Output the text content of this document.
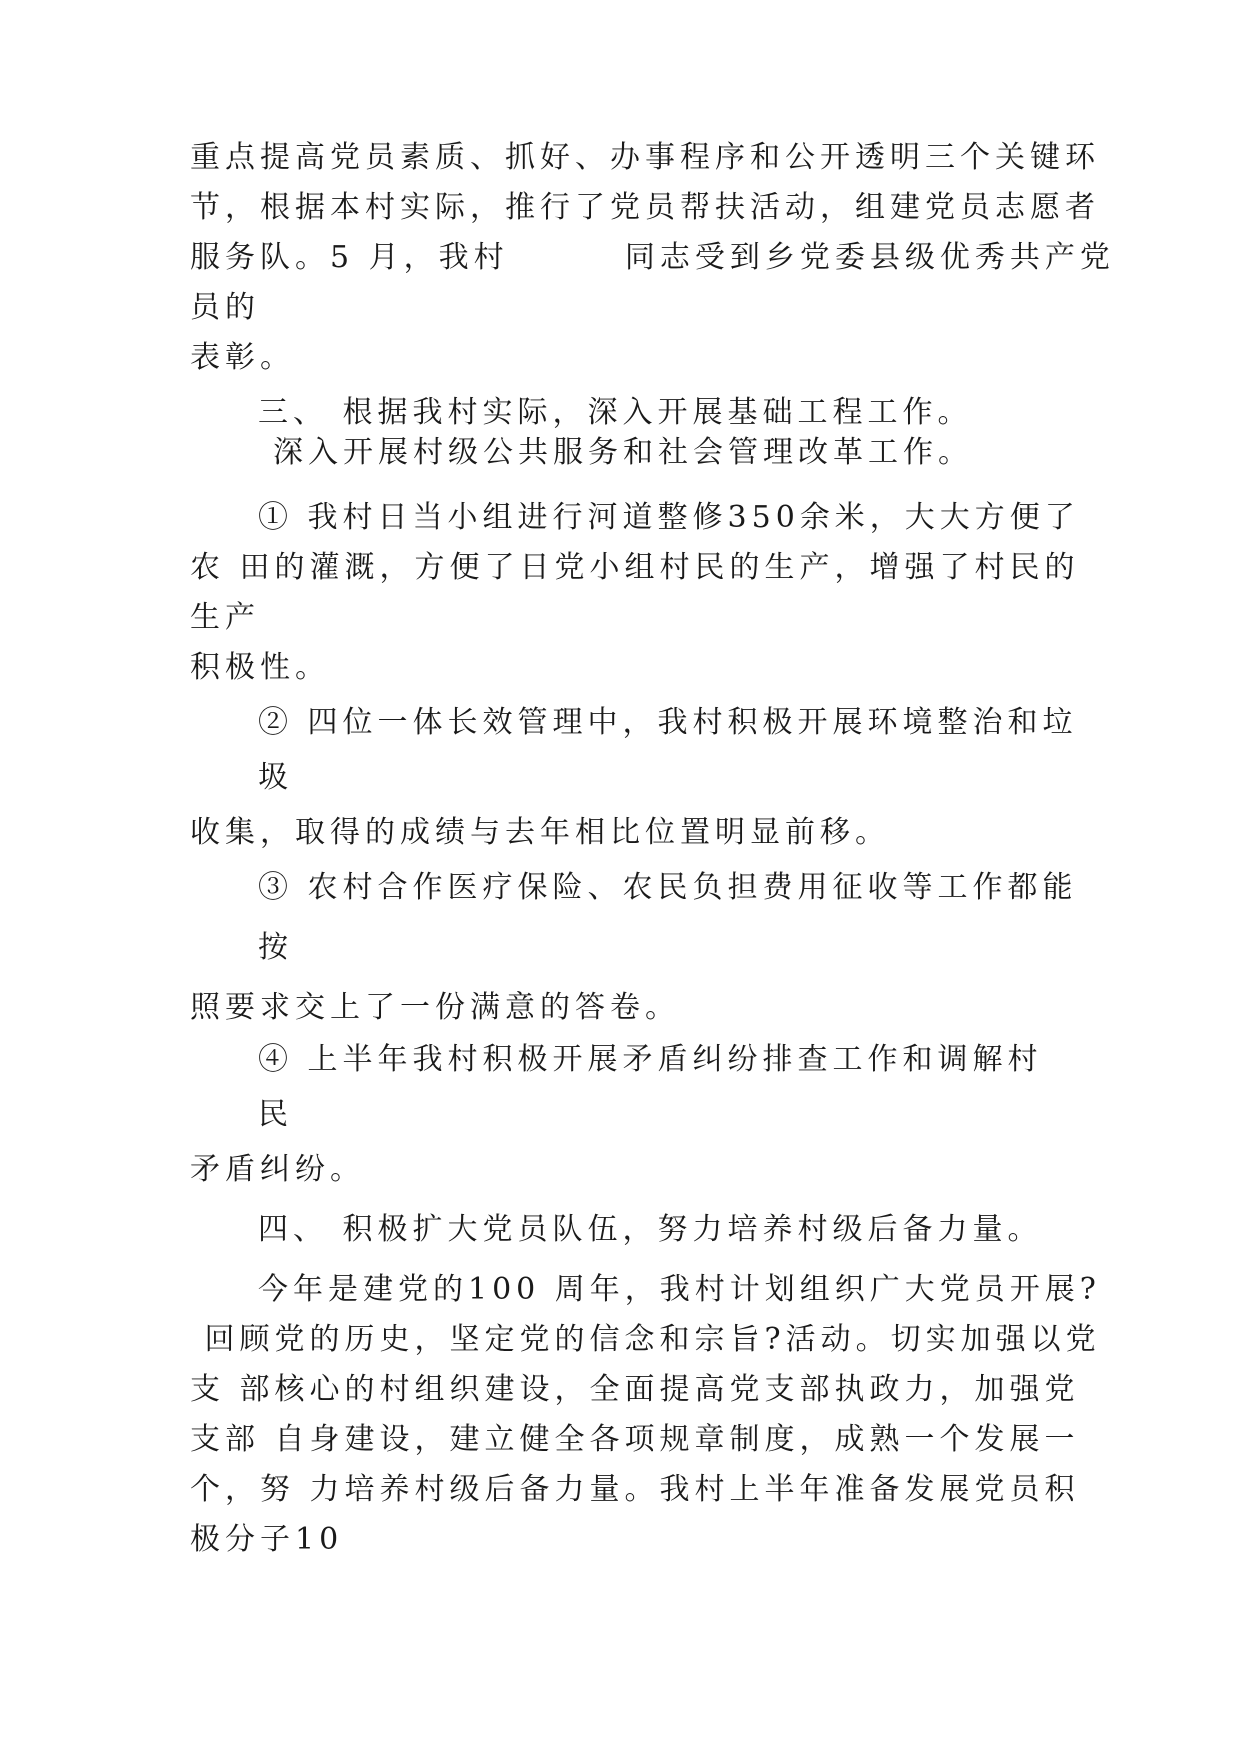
重点提高党员素质、抓好、办事程序和公开透明三个关键环

节，根据本村实际，推行了党员帮扶活动，组建党员志愿者

服务队。5 月，我村        同志受到乡党委县级优秀共产党

员的

表彰。

三、 根据我村实际，深入开展基础工程工作。

深入开展村级公共服务和社会管理改革工作。

① 我村日当小组进行河道整修350余米，大大方便了

农 田的灌溉，方便了日党小组村民的生产，增强了村民的

生产

积极性。

② 四位一体长效管理中，我村积极开展环境整治和垃

圾

收集，取得的成绩与去年相比位置明显前移。

③ 农村合作医疗保险、农民负担费用征收等工作都能

按

照要求交上了一份满意的答卷。

④ 上半年我村积极开展矛盾纠纷排查工作和调解村

民

矛盾纠纷。

四、 积极扩大党员队伍，努力培养村级后备力量。

今年是建党的100 周年，我村计划组织广大党员开展?

回顾党的历史，坚定党的信念和宗旨?活动。切实加强以党

支 部核心的村组织建设，全面提高党支部执政力，加强党

支部 自身建设，建立健全各项规章制度，成熟一个发展一

个，努 力培养村级后备力量。我村上半年准备发展党员积

极分子10
